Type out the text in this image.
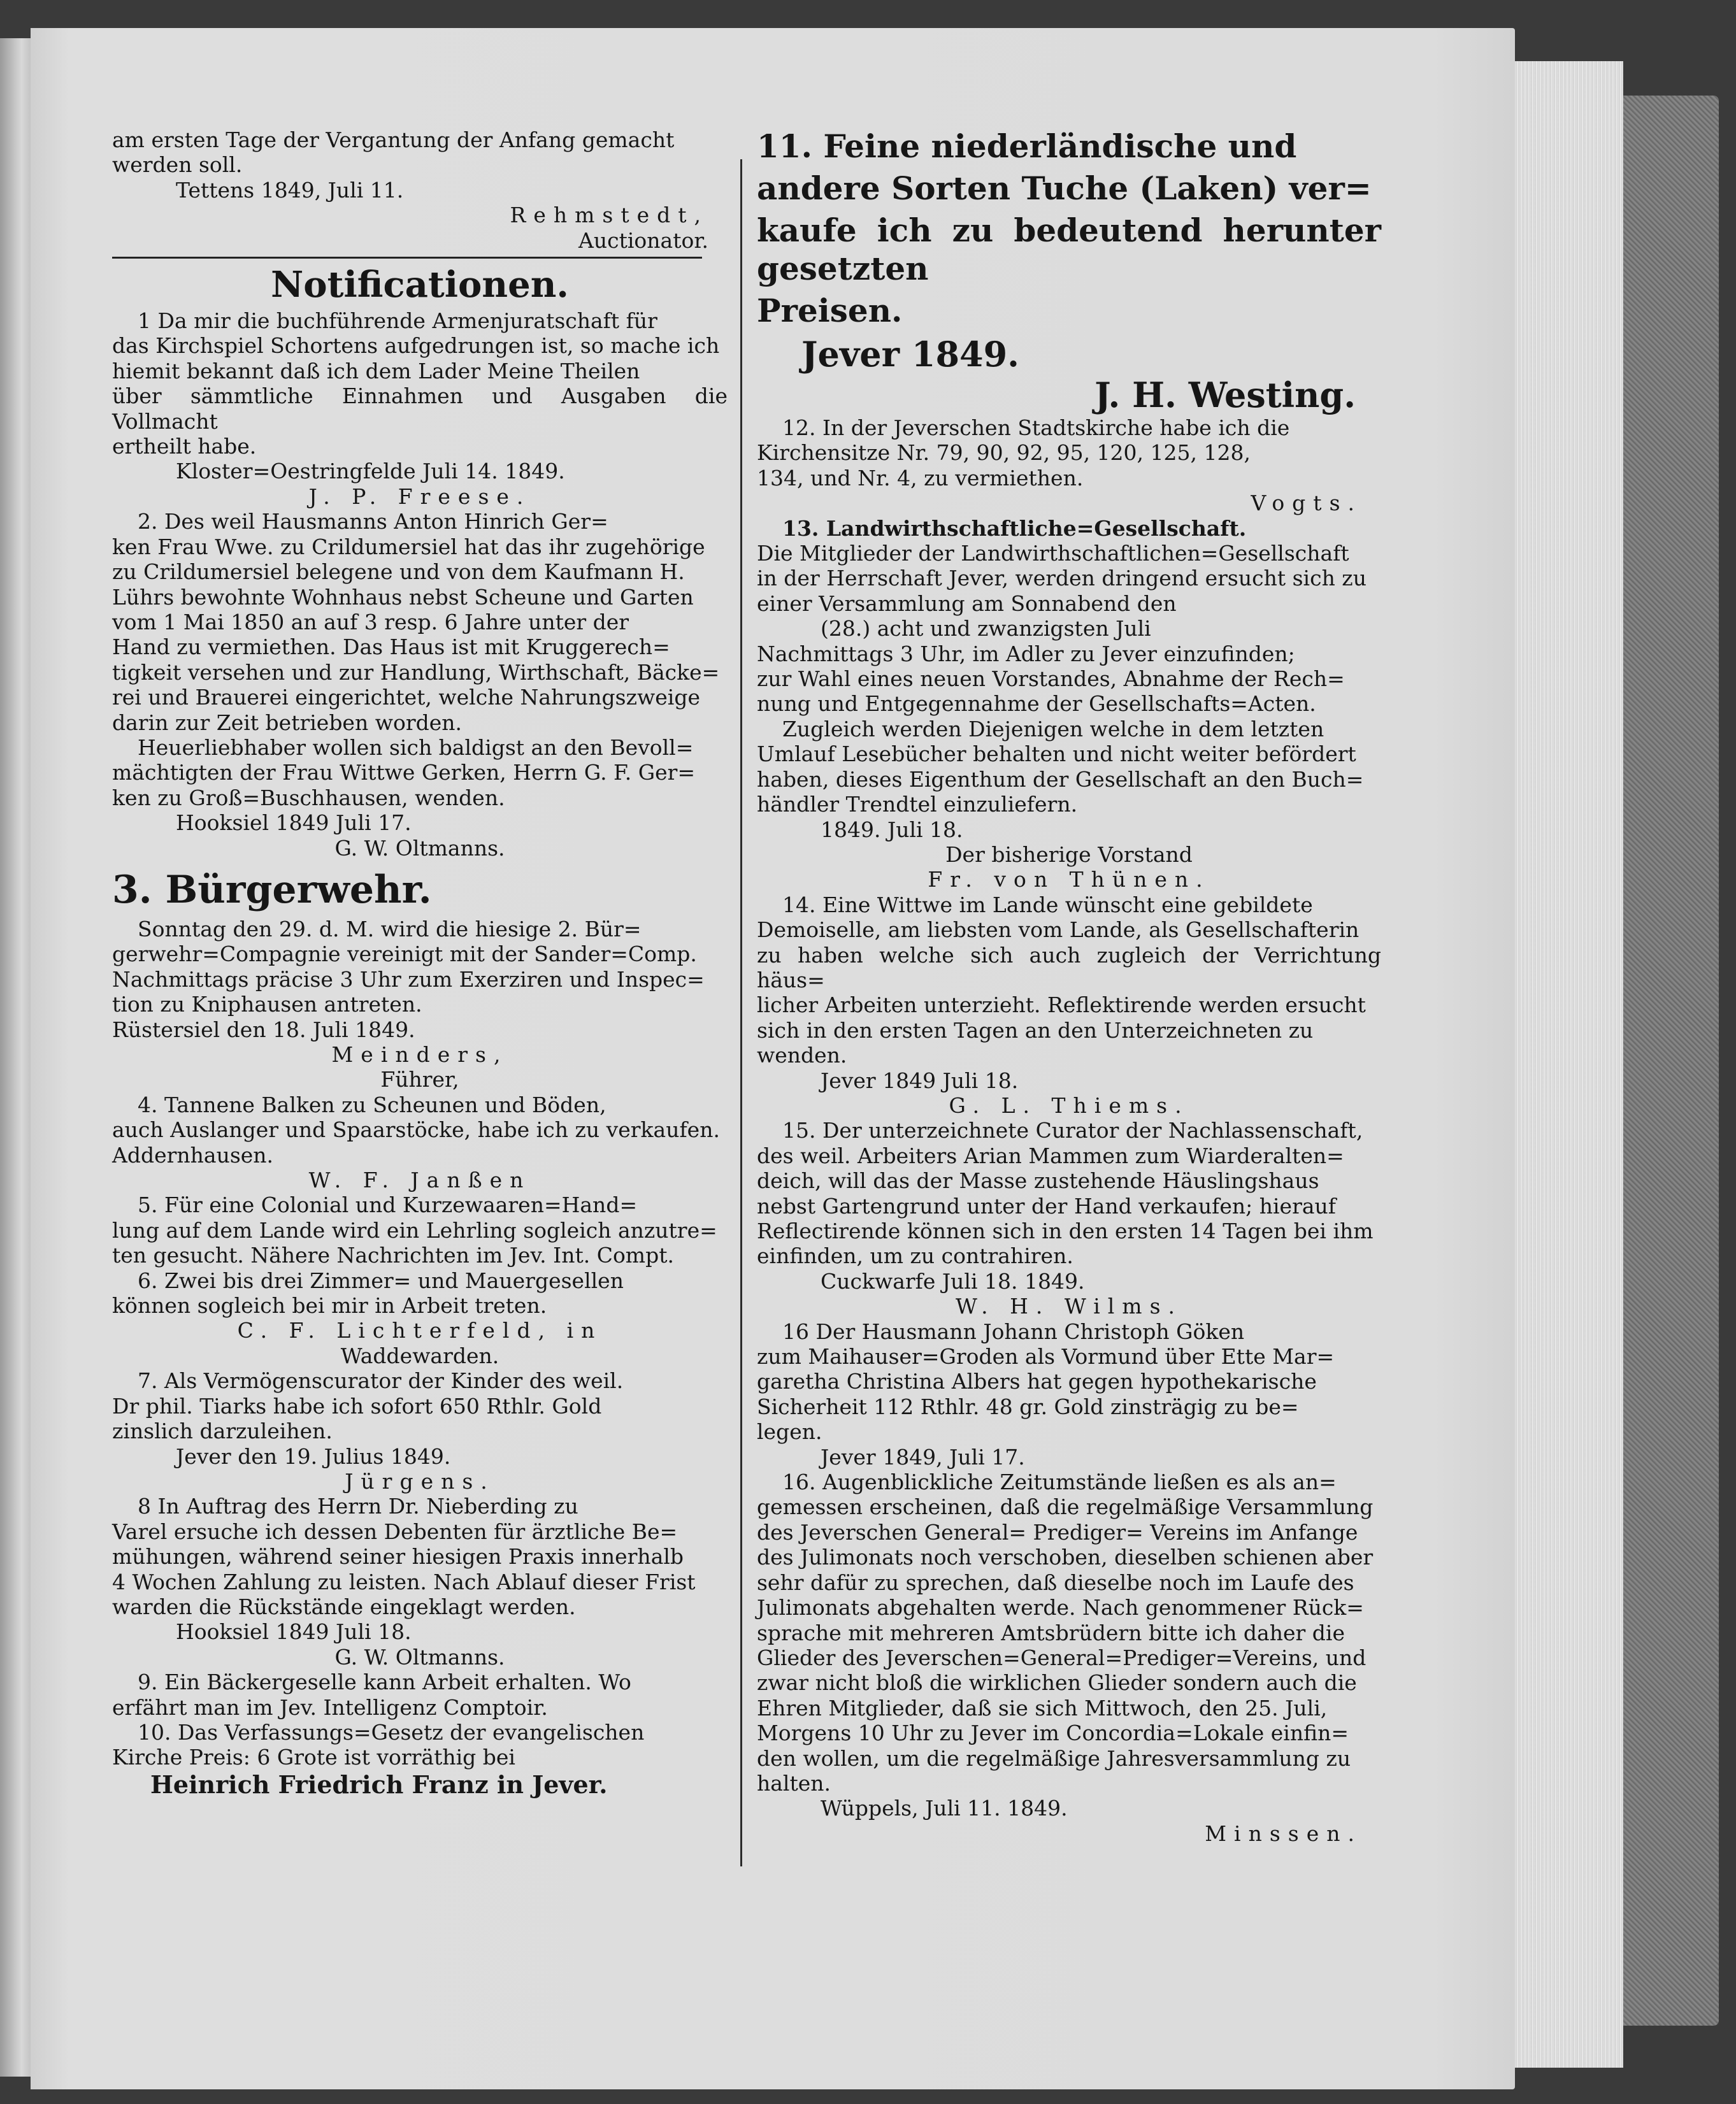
am ersten Tage der Vergantung der Anfang gemacht

werden soll.

Tettens 1849, Juli 11.

Rehmstedt,

Auctionator.

Notificationen.

1 Da mir die buchführende Armenjuratschaft für

das Kirchspiel Schortens aufgedrungen ist, so mache ich

hiemit bekannt daß ich dem Lader Meine Theilen

über sämmtliche Einnahmen und Ausgaben die Vollmacht

ertheilt habe.

Kloster=Oestringfelde Juli 14. 1849.

J. P. Freese.

2. Des weil Hausmanns Anton Hinrich Ger=

ken Frau Wwe. zu Crildumersiel hat das ihr zugehörige

zu Crildumersiel belegene und von dem Kaufmann H.

Lührs bewohnte Wohnhaus nebst Scheune und Garten

vom 1 Mai 1850 an auf 3 resp. 6 Jahre unter der

Hand zu vermiethen. Das Haus ist mit Kruggerech=

tigkeit versehen und zur Handlung, Wirthschaft, Bäcke=

rei und Brauerei eingerichtet, welche Nahrungszweige

darin zur Zeit betrieben worden.

Heuerliebhaber wollen sich baldigst an den Bevoll=

mächtigten der Frau Wittwe Gerken, Herrn G. F. Ger=

ken zu Groß=Buschhausen, wenden.

Hooksiel 1849 Juli 17.

G. W. Oltmanns.

3. Bürgerwehr.

Sonntag den 29. d. M. wird die hiesige 2. Bür=

gerwehr=Compagnie vereinigt mit der Sander=Comp.

Nachmittags präcise 3 Uhr zum Exerziren und Inspec=

tion zu Kniphausen antreten.

Rüstersiel den 18. Juli 1849.

Meinders,

Führer,

4. Tannene Balken zu Scheunen und Böden,

auch Auslanger und Spaarstöcke, habe ich zu verkaufen.

Addernhausen.

W. F. Janßen

5. Für eine Colonial und Kurzewaaren=Hand=

lung auf dem Lande wird ein Lehrling sogleich anzutre=

ten gesucht. Nähere Nachrichten im Jev. Int. Compt.

6. Zwei bis drei Zimmer= und Mauergesellen

können sogleich bei mir in Arbeit treten.

C. F. Lichterfeld, in

Waddewarden.

7. Als Vermögenscurator der Kinder des weil.

Dr phil. Tiarks habe ich sofort 650 Rthlr. Gold

zinslich darzuleihen.

Jever den 19. Julius 1849.

Jürgens.

8 In Auftrag des Herrn Dr. Nieberding zu

Varel ersuche ich dessen Debenten für ärztliche Be=

mühungen, während seiner hiesigen Praxis innerhalb

4 Wochen Zahlung zu leisten. Nach Ablauf dieser Frist

warden die Rückstände eingeklagt werden.

Hooksiel 1849 Juli 18.

G. W. Oltmanns.

9. Ein Bäckergeselle kann Arbeit erhalten. Wo

erfährt man im Jev. Intelligenz Comptoir.

10. Das Verfassungs=Gesetz der evangelischen

Kirche Preis: 6 Grote ist vorräthig bei

Heinrich Friedrich Franz in Jever.

11. Feine niederländische und

andere Sorten Tuche (Laken) ver=

kaufe ich zu bedeutend herunter gesetzten

Preisen.

Jever 1849.

J. H. Westing.

12. In der Jeverschen Stadtskirche habe ich die

Kirchensitze Nr. 79, 90, 92, 95, 120, 125, 128,

134, und Nr. 4, zu vermiethen.

Vogts.

13. Landwirthschaftliche=Gesellschaft.

Die Mitglieder der Landwirthschaftlichen=Gesellschaft

in der Herrschaft Jever, werden dringend ersucht sich zu

einer Versammlung am Sonnabend den

(28.) acht und zwanzigsten Juli

Nachmittags 3 Uhr, im Adler zu Jever einzufinden;

zur Wahl eines neuen Vorstandes, Abnahme der Rech=

nung und Entgegennahme der Gesellschafts=Acten.

Zugleich werden Diejenigen welche in dem letzten

Umlauf Lesebücher behalten und nicht weiter befördert

haben, dieses Eigenthum der Gesellschaft an den Buch=

händler Trendtel einzuliefern.

1849. Juli 18.

Der bisherige Vorstand

Fr. von Thünen.

14. Eine Wittwe im Lande wünscht eine gebildete

Demoiselle, am liebsten vom Lande, als Gesellschafterin

zu haben welche sich auch zugleich der Verrichtung häus=

licher Arbeiten unterzieht. Reflektirende werden ersucht

sich in den ersten Tagen an den Unterzeichneten zu

wenden.

Jever 1849 Juli 18.

G. L. Thiems.

15. Der unterzeichnete Curator der Nachlassenschaft,

des weil. Arbeiters Arian Mammen zum Wiarderalten=

deich, will das der Masse zustehende Häuslingshaus

nebst Gartengrund unter der Hand verkaufen; hierauf

Reflectirende können sich in den ersten 14 Tagen bei ihm

einfinden, um zu contrahiren.

Cuckwarfe Juli 18. 1849.

W. H. Wilms.

16 Der Hausmann Johann Christoph Göken

zum Maihauser=Groden als Vormund über Ette Mar=

garetha Christina Albers hat gegen hypothekarische

Sicherheit 112 Rthlr. 48 gr. Gold zinsträgig zu be=

legen.

Jever 1849, Juli 17.

16. Augenblickliche Zeitumstände ließen es als an=

gemessen erscheinen, daß die regelmäßige Versammlung

des Jeverschen General= Prediger= Vereins im Anfange

des Julimonats noch verschoben, dieselben schienen aber

sehr dafür zu sprechen, daß dieselbe noch im Laufe des

Julimonats abgehalten werde. Nach genommener Rück=

sprache mit mehreren Amtsbrüdern bitte ich daher die

Glieder des Jeverschen=General=Prediger=Vereins, und

zwar nicht bloß die wirklichen Glieder sondern auch die

Ehren Mitglieder, daß sie sich Mittwoch, den 25. Juli,

Morgens 10 Uhr zu Jever im Concordia=Lokale einfin=

den wollen, um die regelmäßige Jahresversammlung zu

halten.

Wüppels, Juli 11. 1849.

Minssen.
